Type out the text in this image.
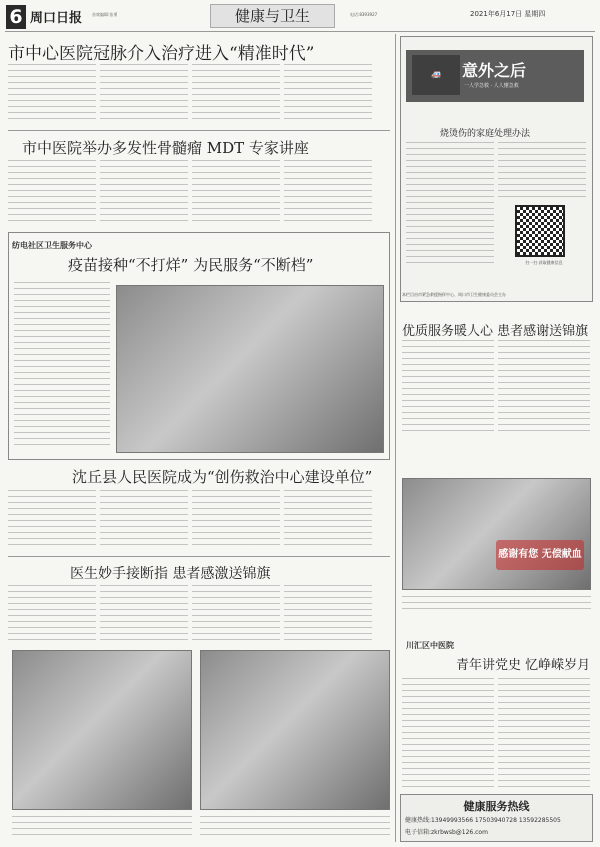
6 周口日报 首席编辑:张勇	健康与卫生	电话:8393927	2021年6月17日 星期四
市中心医院冠脉介入治疗进入“精准时代”
市中医院举办多发性骨髓瘤 MDT 专家讲座
纺电社区卫生服务中心
疫苗接种“不打烊” 为民服务“不断档”
沈丘县人民医院成为“创伤救治中心建设单位”
医生妙手接断指 患者感激送锦旗
🚑	意外之后
一人学急救 · 人人懂急救
烧烫伤的家庭处理办法
扫一扫 获取健康信息
本栏目由市紧急救援指挥中心、周口市卫生健康委员会主办
优质服务暖人心 患者感谢送锦旗
感谢有您 无偿献血
川汇区中医院
青年讲党史 忆峥嵘岁月
健康服务热线
健康热线:13949993566 17503940728 13592285505
电子信箱:zkrbwsb@126.com
